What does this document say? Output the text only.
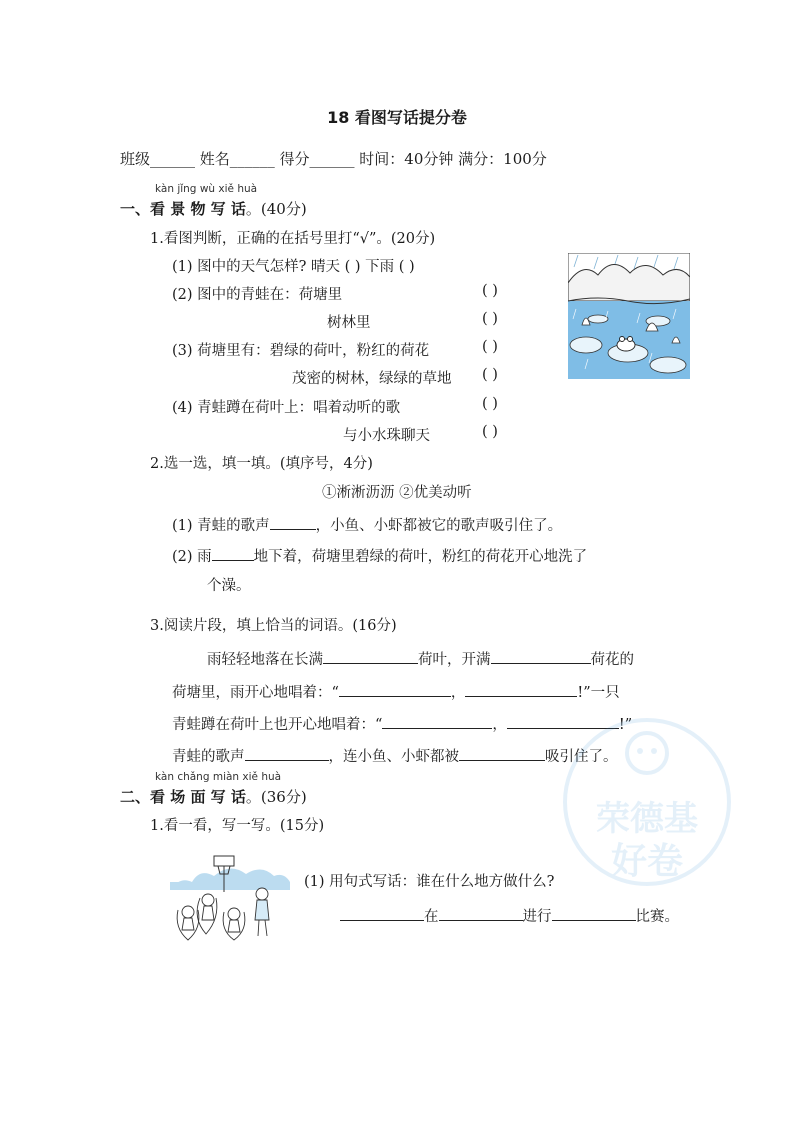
18 看图写话提分卷
班级______ 姓名______ 得分______ 时间：40分钟 满分：100分
kàn jǐng wù xiě huà
一、看 景 物 写 话。(40分)
1.看图判断，正确的在括号里打“√”。(20分)
(1) 图中的天气怎样? 晴天 ( ) 下雨 ( )
(2) 图中的青蛙在：荷塘里	( )
树林里	( )
(3) 荷塘里有：碧绿的荷叶，粉红的荷花	( )
茂密的树林，绿绿的草地 ( )
(4) 青蛙蹲在荷叶上：唱着动听的歌	( )
与小水珠聊天	( )
2.选一选，填一填。(填序号，4分)
①淅淅沥沥 ②优美动听
(1) 青蛙的歌声	，小鱼、小虾都被它的歌声吸引住了。
(2) 雨	地下着，荷塘里碧绿的荷叶，粉红的荷花开心地洗了
个澡。
3.阅读片段，填上恰当的词语。(16分)
雨轻轻地落在长满	荷叶，开满	荷花的
荷塘里，雨开心地唱着：“	，	!”一只
青蛙蹲在荷叶上也开心地唱着：“	，	!”
青蛙的歌声	，连小鱼、小虾都被	吸引住了。
kàn chǎng miàn xiě huà
二、看 场 面 写 话。(36分)
1.看一看，写一写。(15分)
(1) 用句式写话：谁在什么地方做什么?
在	进行	比赛。
荣德基
好卷
